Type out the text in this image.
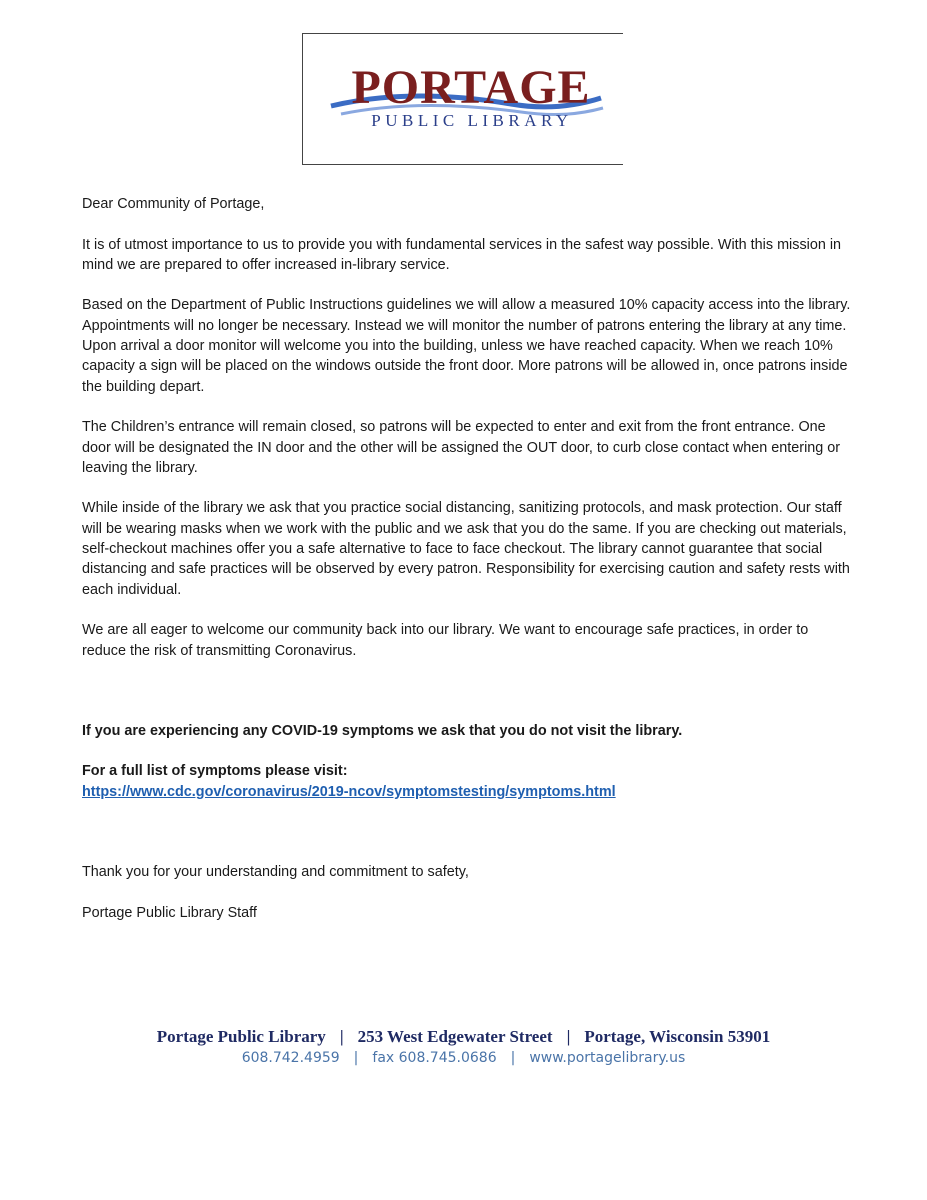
PORTAGE
PUBLIC LIBRARY

Dear Community of Portage,

It is of utmost importance to us to provide you with fundamental services in the safest way possible. With this mission in mind we are prepared to offer increased in-library service.

Based on the Department of Public Instructions guidelines we will allow a measured 10% capacity access into the library. Appointments will no longer be necessary. Instead we will monitor the number of patrons entering the library at any time. Upon arrival a door monitor will welcome you into the building, unless we have reached capacity. When we reach 10% capacity a sign will be placed on the windows outside the front door. More patrons will be allowed in, once patrons inside the building depart.

The Children’s entrance will remain closed, so patrons will be expected to enter and exit from the front entrance. One door will be designated the IN door and the other will be assigned the OUT door, to curb close contact when entering or leaving the library.

While inside of the library we ask that you practice social distancing, sanitizing protocols, and mask protection. Our staff will be wearing masks when we work with the public and we ask that you do the same. If you are checking out materials, self-checkout machines offer you a safe alternative to face to face checkout. The library cannot guarantee that social distancing and safe practices will be observed by every patron. Responsibility for exercising caution and safety rests with each individual.

We are all eager to welcome our community back into our library. We want to encourage safe practices, in order to reduce the risk of transmitting Coronavirus.

If you are experiencing any COVID-19 symptoms we ask that you do not visit the library.

For a full list of symptoms please visit:

https://www.cdc.gov/coronavirus/2019-ncov/symptomstesting/symptoms.html

Thank you for your understanding and commitment to safety,

Portage Public Library Staff

Portage Public Library | 253 West Edgewater Street | Portage, Wisconsin 53901
608.742.4959 | fax 608.745.0686 | www.portagelibrary.us
